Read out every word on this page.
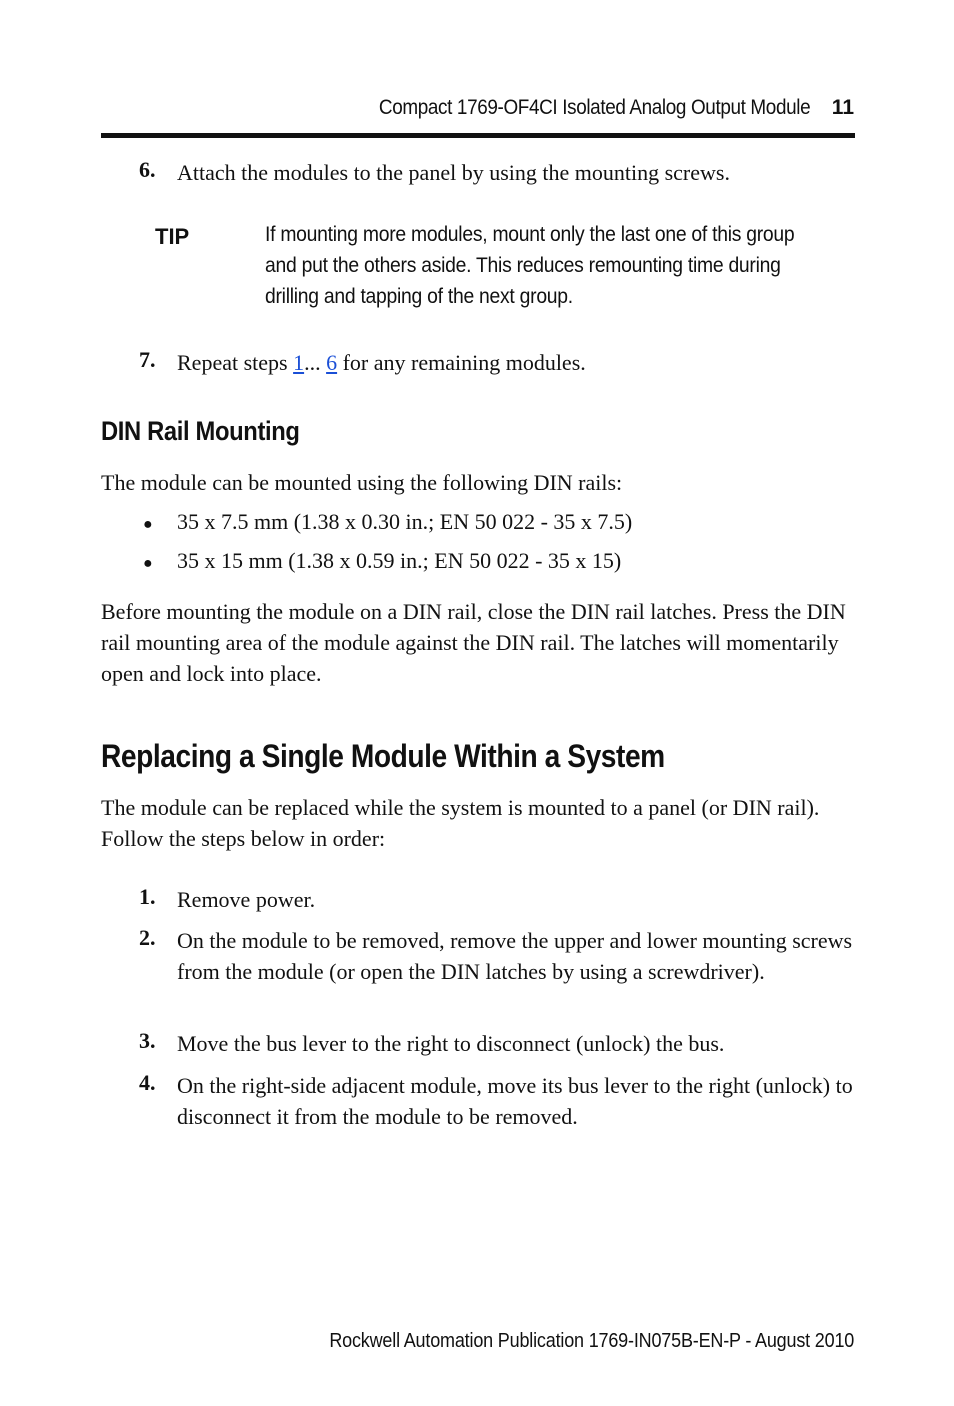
Compact 1769-OF4CI Isolated Analog Output Module 11
6. Attach the modules to the panel by using the mounting screws.
TIP	If mounting more modules, mount only the last one of this group and put the others aside. This reduces remounting time during drilling and tapping of the next group.
7. Repeat steps 1... 6 for any remaining modules.
DIN Rail Mounting
The module can be mounted using the following DIN rails:
● 35 x 7.5 mm (1.38 x 0.30 in.; EN 50 022 - 35 x 7.5)
● 35 x 15 mm (1.38 x 0.59 in.; EN 50 022 - 35 x 15)
Before mounting the module on a DIN rail, close the DIN rail latches. Press the DIN rail mounting area of the module against the DIN rail. The latches will momentarily open and lock into place.
Replacing a Single Module Within a System
The module can be replaced while the system is mounted to a panel (or DIN rail). Follow the steps below in order:
1. Remove power.
2. On the module to be removed, remove the upper and lower mounting screws from the module (or open the DIN latches by using a screwdriver).
3. Move the bus lever to the right to disconnect (unlock) the bus.
4. On the right-side adjacent module, move its bus lever to the right (unlock) to disconnect it from the module to be removed.
Rockwell Automation Publication 1769-IN075B-EN-P - August 2010
